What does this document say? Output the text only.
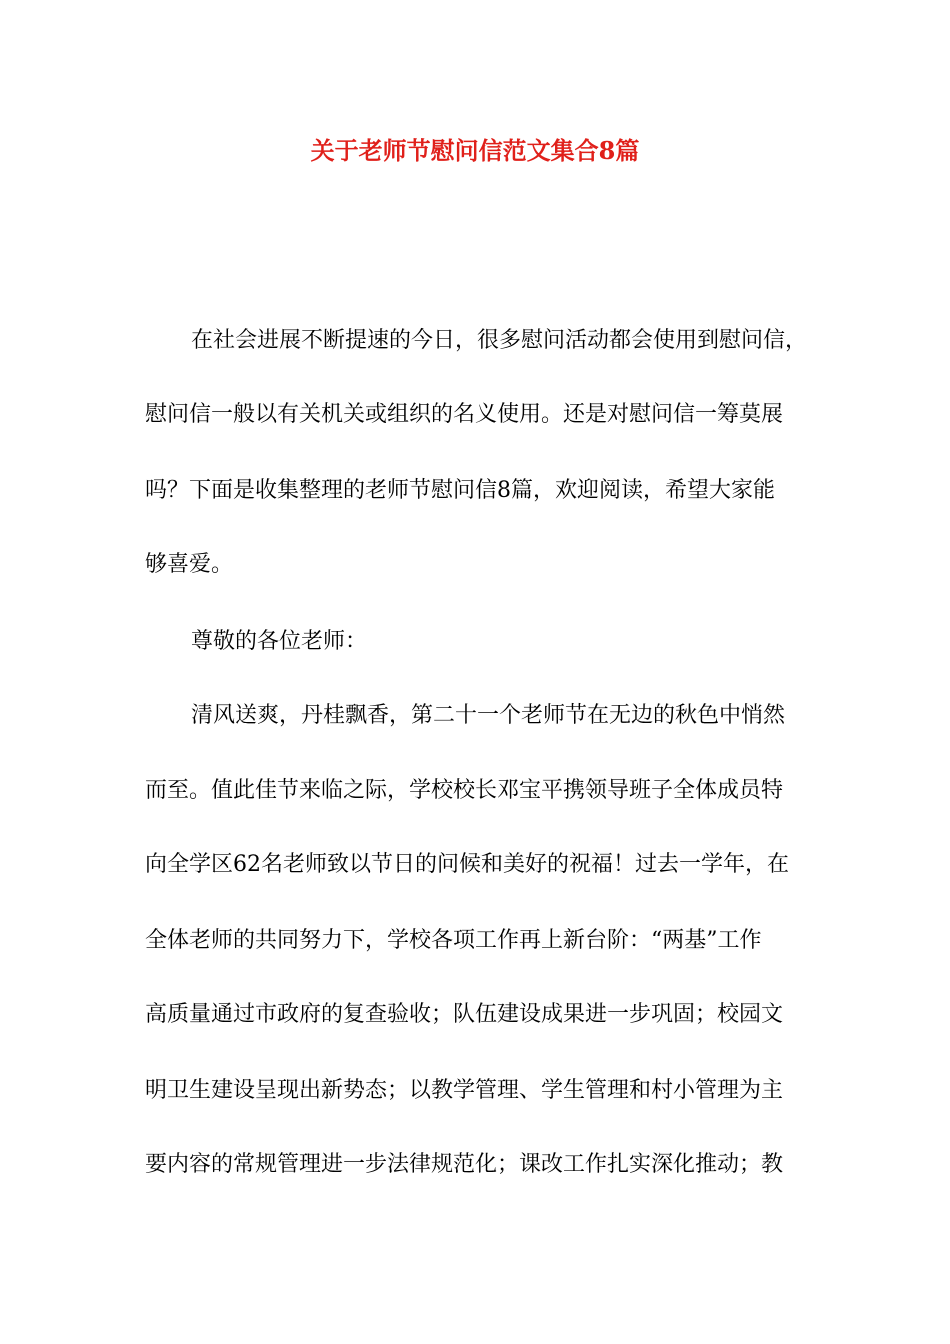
关于老师节慰问信范文集合8篇
在社会进展不断提速的今日，很多慰问活动都会使用到慰问信，
慰问信一般以有关机关或组织的名义使用。还是对慰问信一筹莫展
吗？下面是收集整理的老师节慰问信8篇，欢迎阅读，希望大家能
够喜爱。
尊敬的各位老师：
清风送爽，丹桂飘香，第二十一个老师节在无边的秋色中悄然
而至。值此佳节来临之际，学校校长邓宝平携领导班子全体成员特
向全学区62名老师致以节日的问候和美好的祝福！过去一学年，在
全体老师的共同努力下，学校各项工作再上新台阶：“两基”工作
高质量通过市政府的复查验收；队伍建设成果进一步巩固；校园文
明卫生建设呈现出新势态；以教学管理、学生管理和村小管理为主
要内容的常规管理进一步法律规范化；课改工作扎实深化推动；教
